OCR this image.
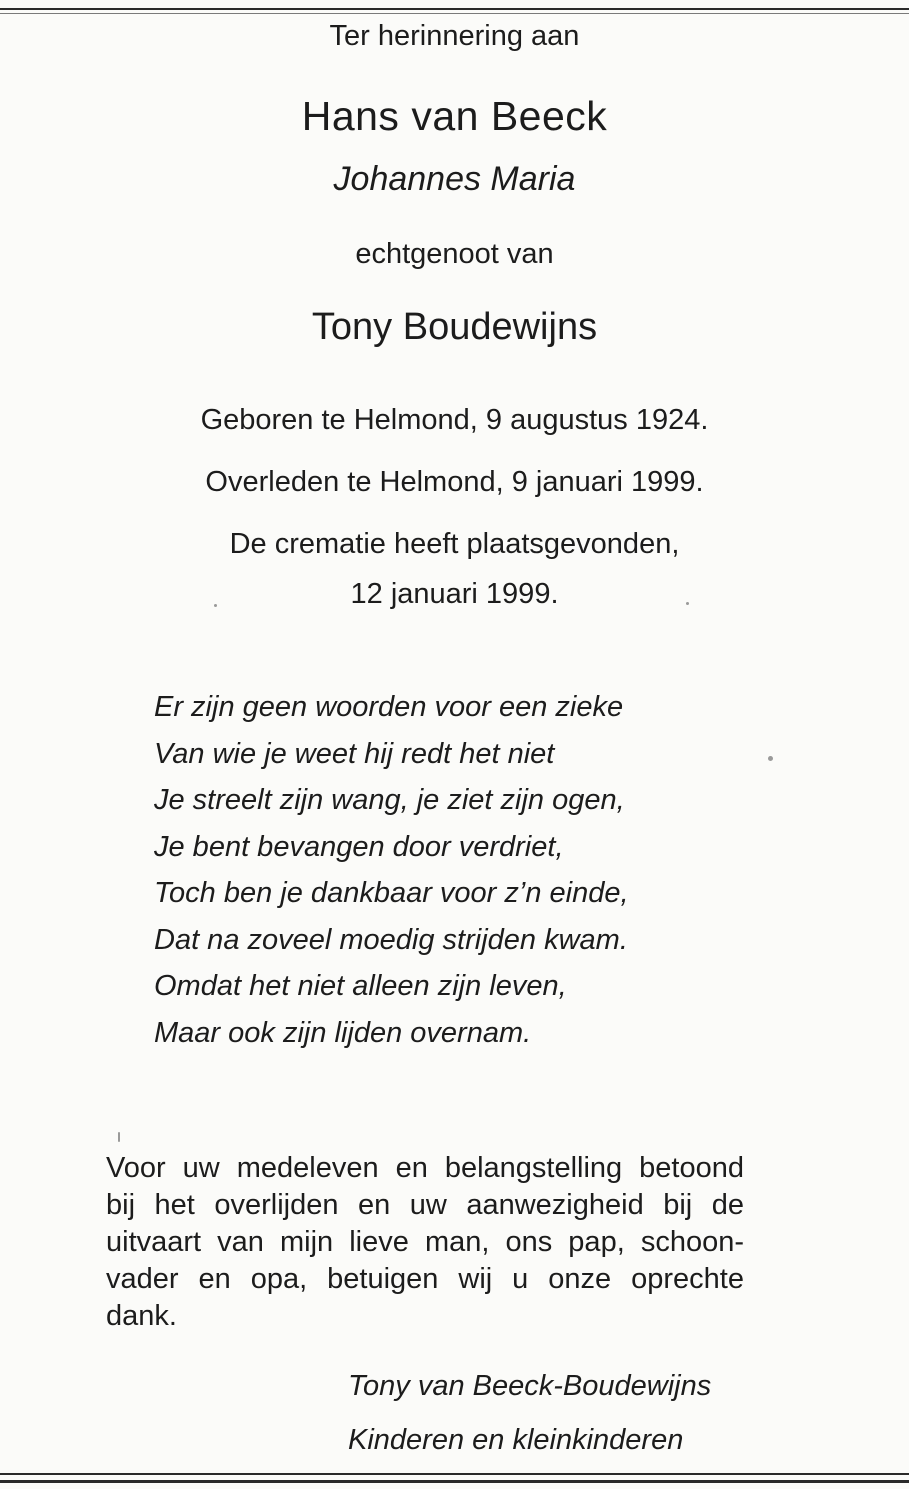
Ter herinnering aan
Hans van Beeck
Johannes Maria
echtgenoot van
Tony Boudewijns
Geboren te Helmond, 9 augustus 1924.
Overleden te Helmond, 9 januari 1999.
De crematie heeft plaatsgevonden,
12 januari 1999.
Er zijn geen woorden voor een zieke
Van wie je weet hij redt het niet
Je streelt zijn wang, je ziet zijn ogen,
Je bent bevangen door verdriet,
Toch ben je dankbaar voor z’n einde,
Dat na zoveel moedig strijden kwam.
Omdat het niet alleen zijn leven,
Maar ook zijn lijden overnam.
Voor uw medeleven en belangstelling betoond
bij het overlijden en uw aanwezigheid bij de
uitvaart van mijn lieve man, ons pap, schoon-
vader en opa, betuigen wij u onze oprechte
dank.
Tony van Beeck-Boudewijns
Kinderen en kleinkinderen
